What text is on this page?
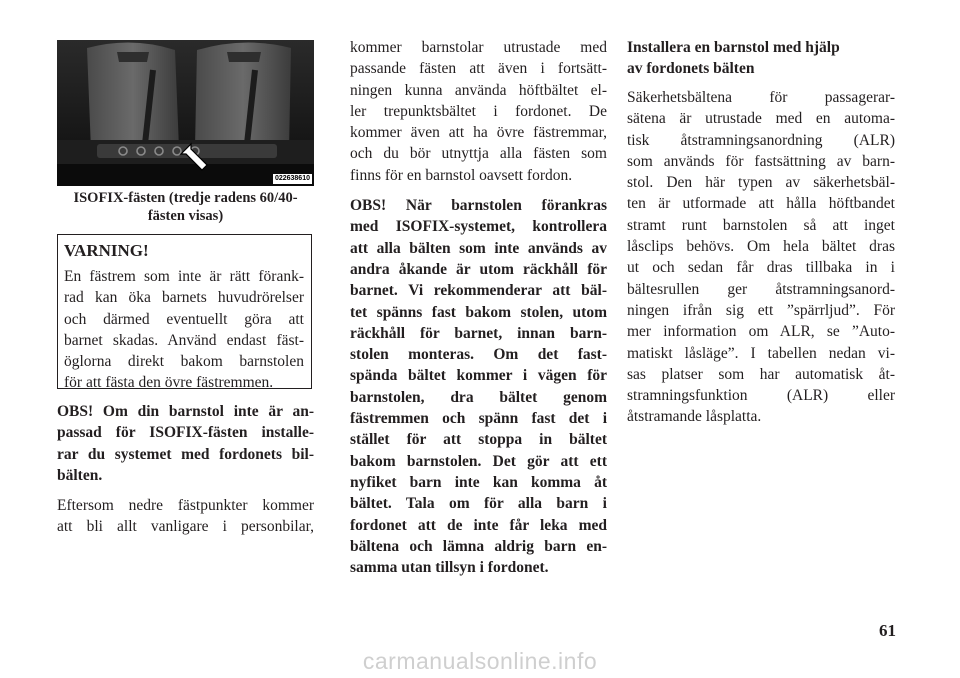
022638610
ISOFIX-fästen (tredje radens 60/40-fästen visas)
VARNING!

En fästrem som inte är rätt förank-
rad kan öka barnets huvudrörelser
och därmed eventuellt göra att
barnet skadas. Använd endast fäst-
öglorna direkt bakom barnstolen
för att fästa den övre fästremmen.

OBS! Om din barnstol inte är an-
passad för ISOFIX-fästen installe-
rar du systemet med fordonets bil-
bälten.

Eftersom nedre fästpunkter kommer
att bli allt vanligare i personbilar,

kommer barnstolar utrustade med
passande fästen att även i fortsätt-
ningen kunna använda höftbältet el-
ler trepunktsbältet i fordonet. De
kommer även att ha övre fästremmar,
och du bör utnyttja alla fästen som
finns för en barnstol oavsett fordon.

OBS! När barnstolen förankras
med ISOFIX-systemet, kontrollera
att alla bälten som inte används av
andra åkande är utom räckhåll för
barnet. Vi rekommenderar att bäl-
tet spänns fast bakom stolen, utom
räckhåll för barnet, innan barn-
stolen monteras. Om det fast-
spända bältet kommer i vägen för
barnstolen, dra bältet genom
fästremmen och spänn fast det i
stället för att stoppa in bältet
bakom barnstolen. Det gör att ett
nyfiket barn inte kan komma åt
bältet. Tala om för alla barn i
fordonet att de inte får leka med
bältena och lämna aldrig barn en-
samma utan tillsyn i fordonet.

Installera en barnstol med hjälp
av fordonets bälten

Säkerhetsbältena för passagerar-
sätena är utrustade med en automa-
tisk åtstramningsanordning (ALR)
som används för fastsättning av barn-
stol. Den här typen av säkerhetsbäl-
ten är utformade att hålla höftbandet
stramt runt barnstolen så att inget
låsclips behövs. Om hela bältet dras
ut och sedan får dras tillbaka in i
bältesrullen ger åtstramningsanord-
ningen ifrån sig ett ”spärrljud”. För
mer information om ALR, se ”Auto-
matiskt låsläge”. I tabellen nedan vi-
sas platser som har automatisk åt-
stramningsfunktion (ALR) eller
åtstramande låsplatta.

61
carmanualsonline.info
